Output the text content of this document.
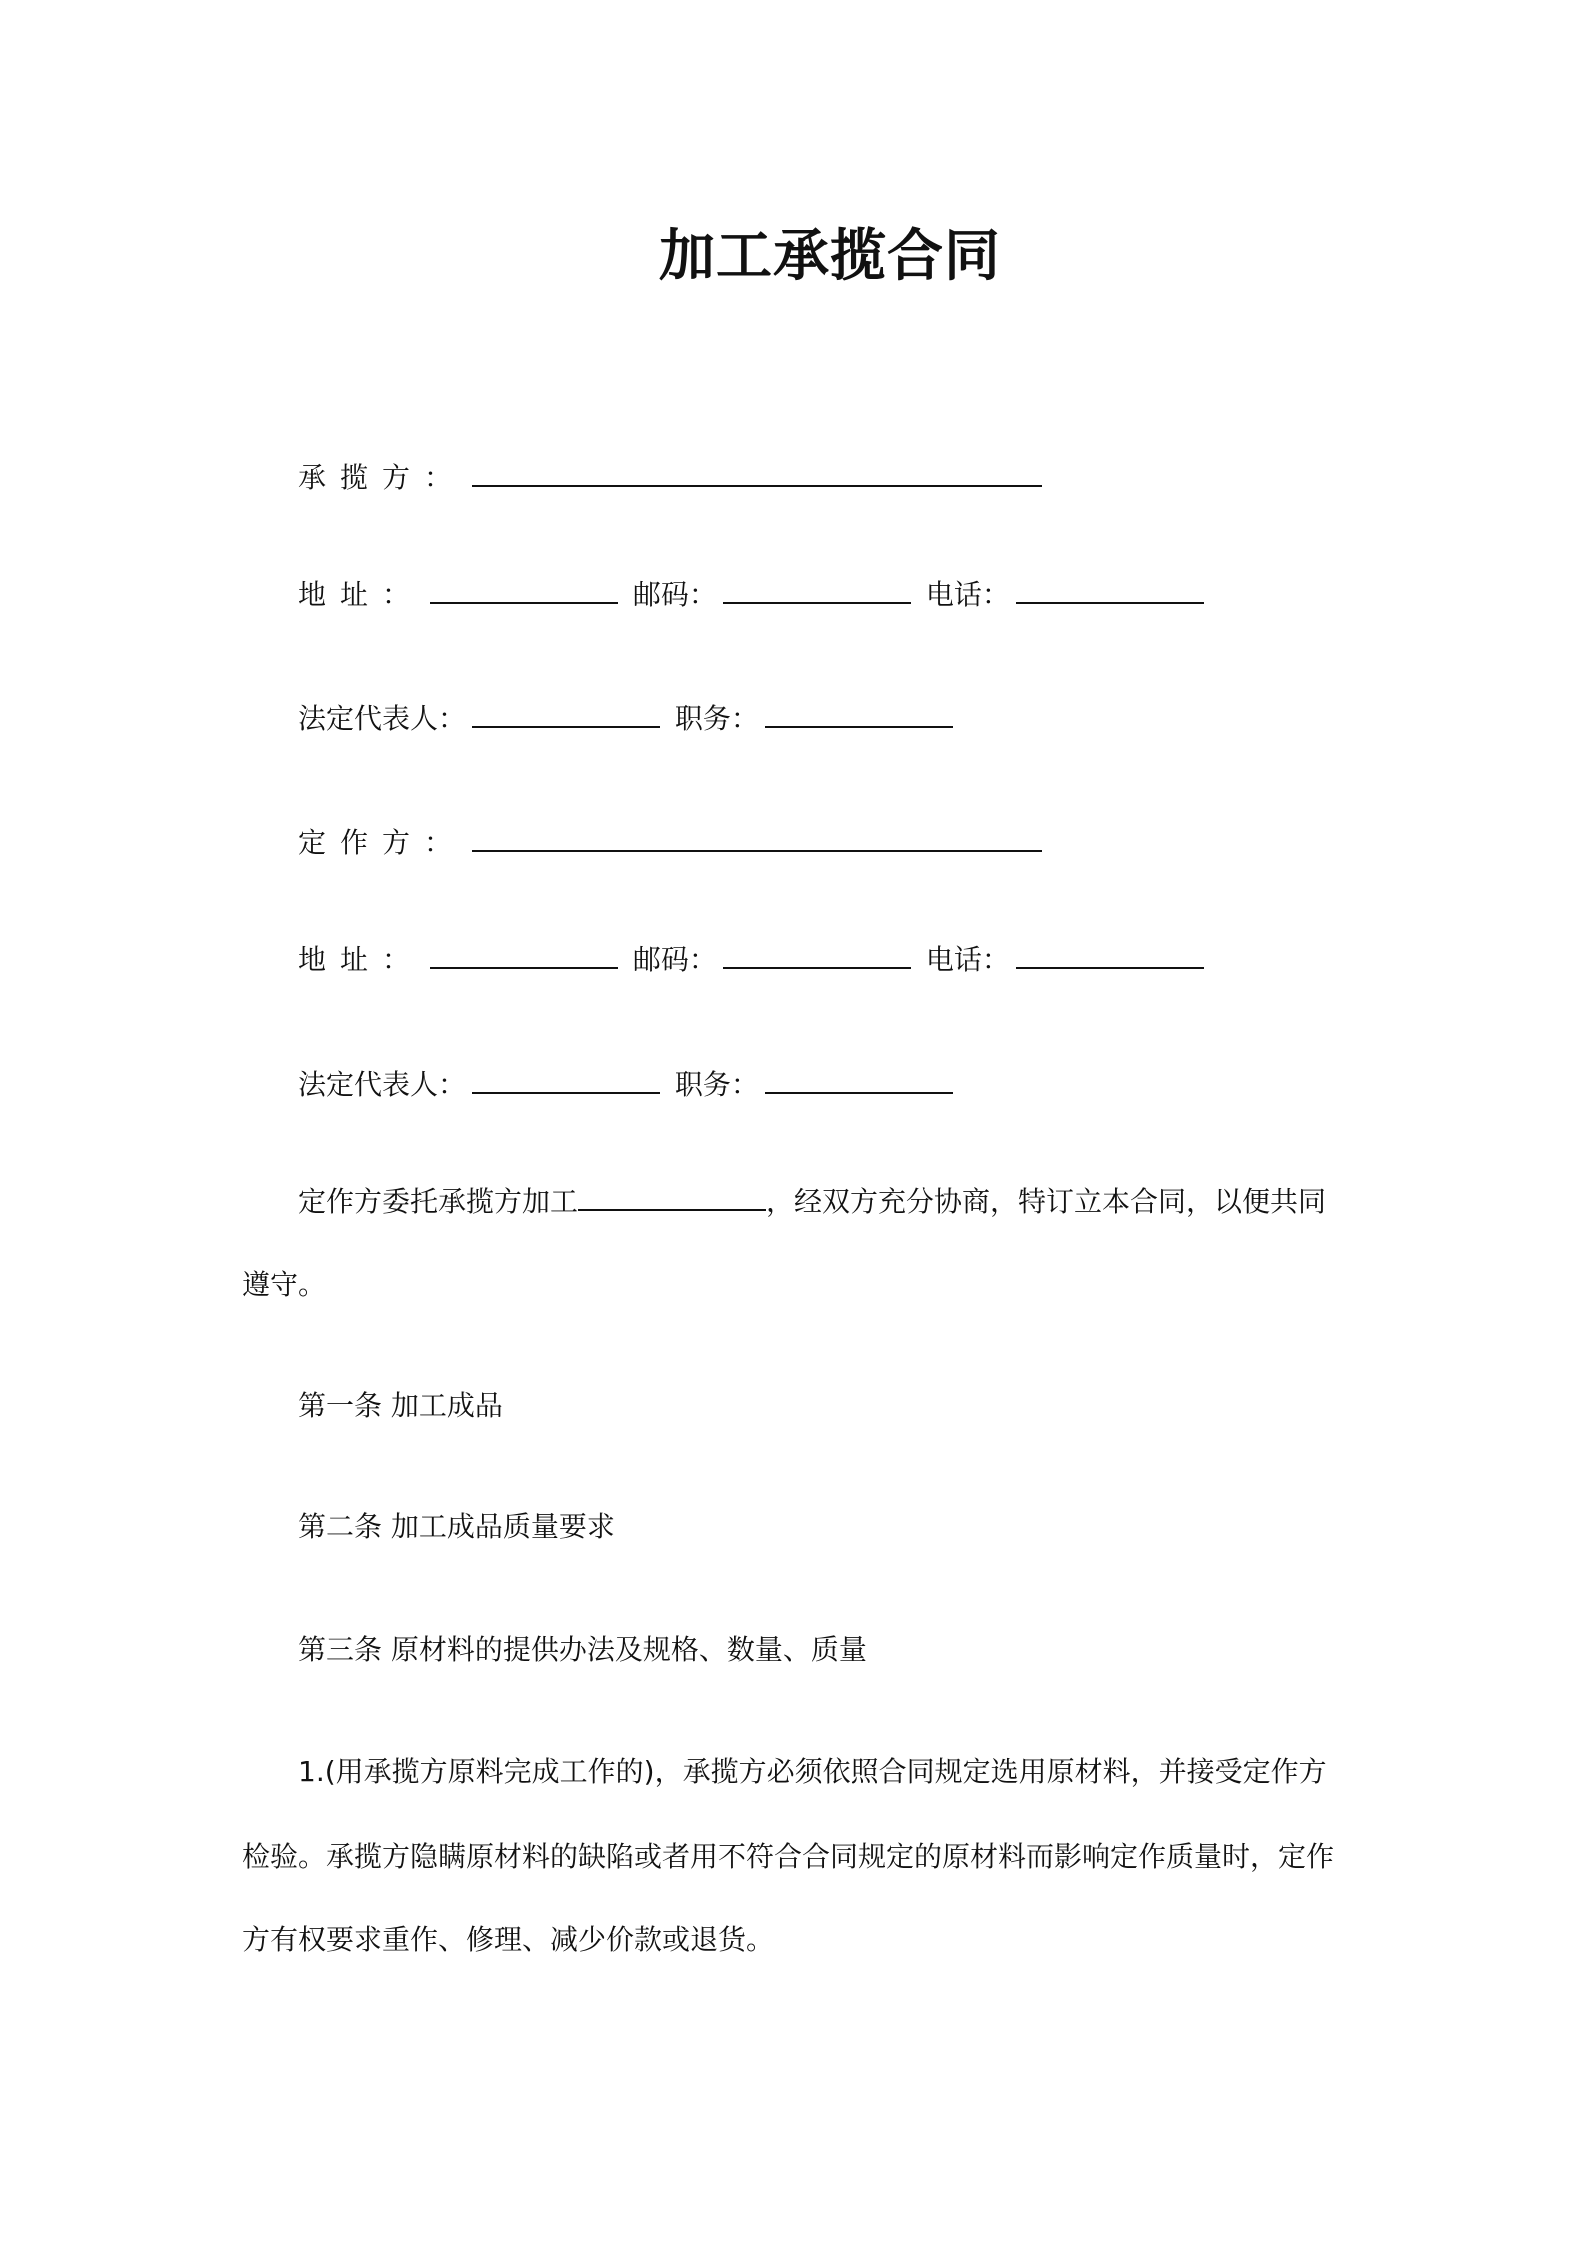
加工承揽合同
承揽方：
地址：	邮码：	电话：
法定代表人：	职务：
定作方：
地址：	邮码：	电话：
法定代表人：	职务：
定作方委托承揽方加工	，经双方充分协商，特订立本合同，以便共同
遵守。
第一条 加工成品
第二条 加工成品质量要求
第三条 原材料的提供办法及规格、数量、质量
1.(用承揽方原料完成工作的)，承揽方必须依照合同规定选用原材料，并接受定作方
检验。承揽方隐瞒原材料的缺陷或者用不符合合同规定的原材料而影响定作质量时，定作
方有权要求重作、修理、减少价款或退货。
